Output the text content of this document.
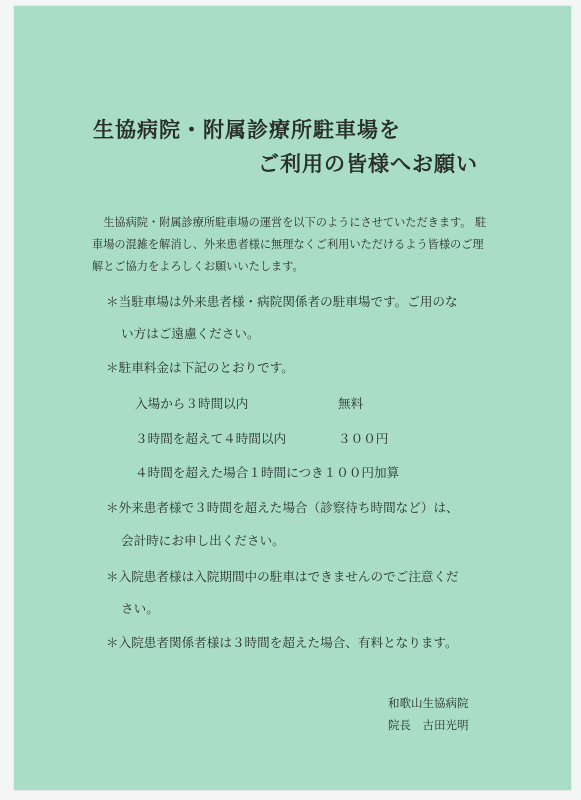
生協病院・附属診療所駐車場を
ご利用の皆様へお願い
生協病院・附属診療所駐車場の運営を以下のようにさせていただきます。 駐
車場の混雑を解消し、外来患者様に無理なくご利用いただけるよう皆様のご理
解とご協力をよろしくお願いいたします。
＊当駐車場は外来患者様・病院関係者の駐車場です。ご用のな
い方はご遠慮ください。
＊駐車料金は下記のとおりです。
入場から３時間以内	無料
３時間を超えて４時間以内	３００円
４時間を超えた場合１時間につき１００円加算
＊外来患者様で３時間を超えた場合（診察待ち時間など）は、
会計時にお申し出ください。
＊入院患者様は入院期間中の駐車はできませんのでご注意くだ
さい。
＊入院患者関係者様は３時間を超えた場合、有料となります。
和歌山生協病院
院長　古田光明
